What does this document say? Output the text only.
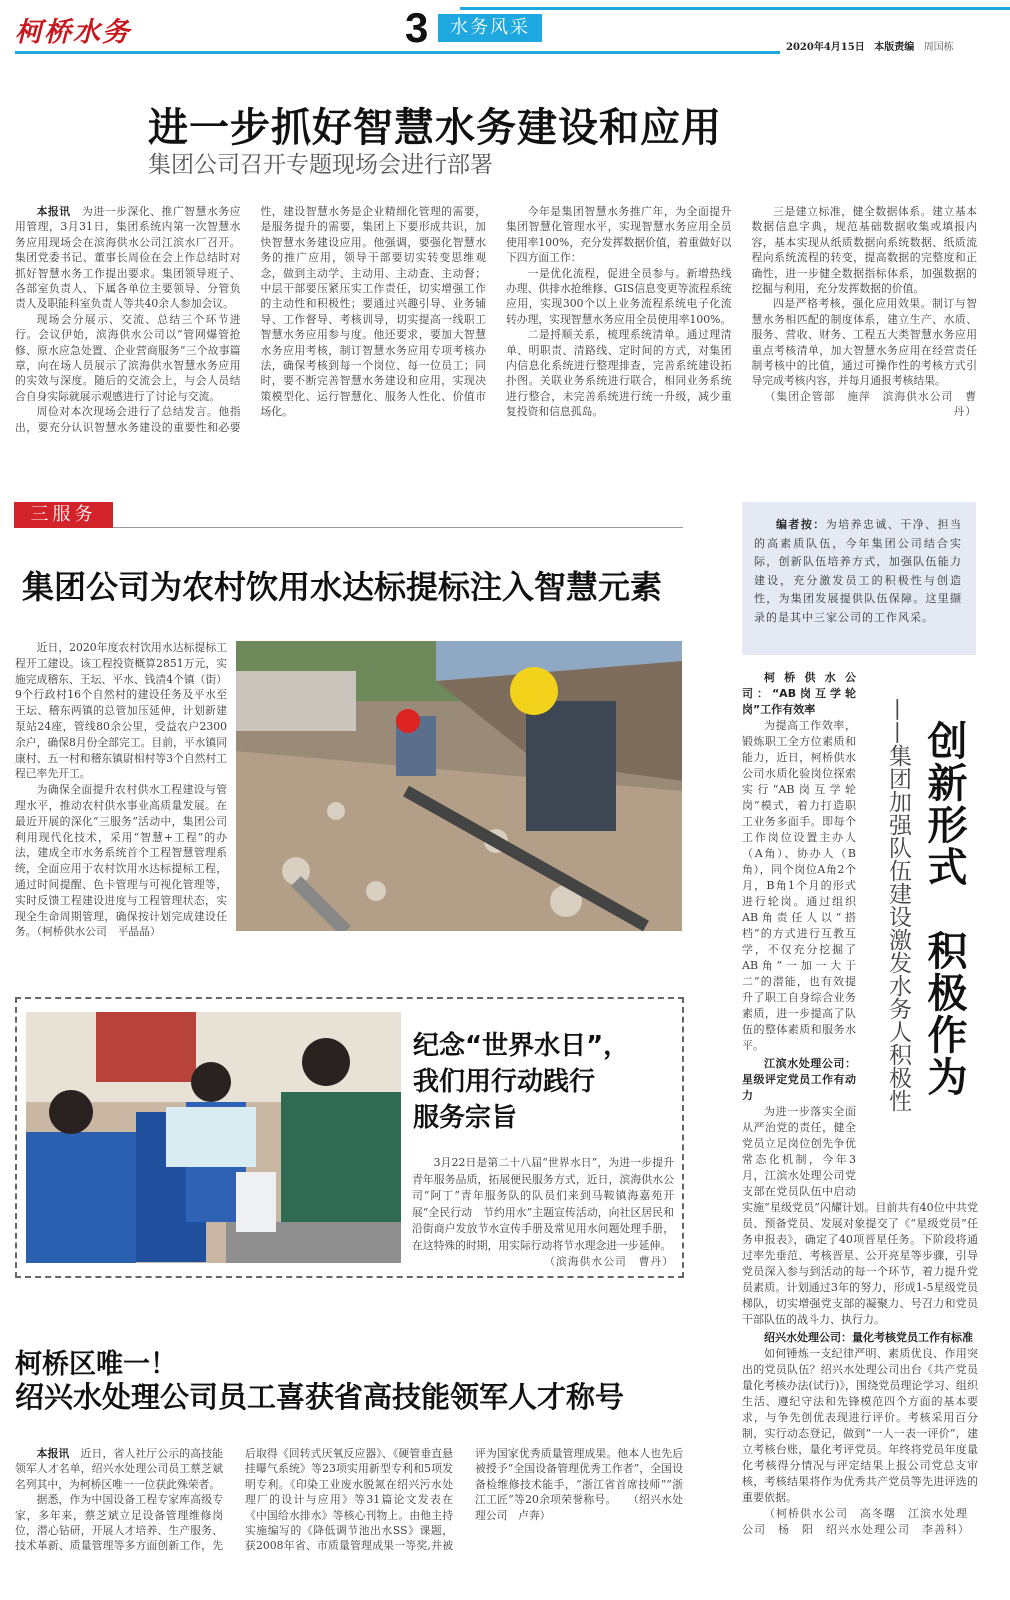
柯桥水务	3	水务风采
2020年4月15日 本版责编 周国栋
进一步抓好智慧水务建设和应用
集团公司召开专题现场会进行部署

本报讯　 为进一步深化、推广智慧水务应用管理，3月31日，集团系统内第一次智慧水务应用现场会在滨海供水公司江滨水厂召开。集团党委书记、董事长周俭在会上作总结时对抓好智慧水务工作提出要求。集团领导班子、各部室负责人、下属各单位主要领导、分管负责人及职能科室负责人等共40余人参加会议。

现场会分展示、交流、总结三个环节进行。会议伊始，滨海供水公司以“管网爆管抢修、原水应急处置、企业营商服务”三个故事篇章，向在场人员展示了滨海供水智慧水务应用的实效与深度。随后的交流会上，与会人员结合自身实际就展示观感进行了讨论与交流。

周俭对本次现场会进行了总结发言。他指出，要充分认识智慧水务建设的重要性和必要性，建设智慧水务是企业精细化管理的需要，是服务提升的需要，集团上下要形成共识，加快智慧水务建设应用。他强调，要强化智慧水务的推广应用，领导干部要切实转变思维观念，做到主动学、主动用、主动查、主动督；中层干部要压紧压实工作责任，切实增强工作的主动性和积极性；要通过兴趣引导、业务辅导、工作督导、考核训导，切实提高一线职工智慧水务应用参与度。他还要求，要加大智慧水务应用考核，制订智慧水务应用专项考核办法，确保考核到每一个岗位、每一位员工；同时，要不断完善智慧水务建设和应用，实现决策模型化、运行智慧化、服务人性化、价值市场化。

今年是集团智慧水务推广年，为全面提升集团智慧化管理水平，实现智慧水务应用全员使用率100%，充分发挥数据价值，着重做好以下四方面工作：

一是优化流程，促进全员参与。新增热线办理、供排水抢维修、GIS信息变更等流程系统应用，实现300个以上业务流程系统电子化流转办理，实现智慧水务应用全员使用率100%。

二是捋顺关系，梳理系统清单。通过理清单、明职责、清路线、定时间的方式，对集团内信息化系统进行整理排查，完善系统建设拓扑图。关联业务系统进行联合，相同业务系统进行整合，未完善系统进行统一升级，减少重复投资和信息孤岛。

三是建立标准，健全数据体系。建立基本数据信息字典，规范基础数据收集或填报内容，基本实现从纸质数据向系统数据、纸质流程向系统流程的转变，提高数据的完整度和正确性，进一步健全数据指标体系，加强数据的挖掘与利用，充分发挥数据的价值。

四是严格考核，强化应用效果。制订与智慧水务相匹配的制度体系，建立生产、水质、服务、营收、财务、工程五大类智慧水务应用重点考核清单，加大智慧水务应用在经营责任制考核中的比值，通过可操作性的考核方式引导完成考核内容，并每月通报考核结果。

（集团企管部　施萍　滨海供水公司　曹丹）

三服务
集团公司为农村饮用水达标提标注入智慧元素

近日，2020年度农村饮用水达标提标工程开工建设。该工程投资概算2851万元，实施完成稽东、王坛、平水、钱清4个镇（街）9个行政村16个自然村的建设任务及平水至王坛、稽东两镇的总管加压延伸，计划新建泵站24座，管线80余公里，受益农户2300余户，确保8月份全部完工。目前，平水镇同康村、五一村和稽东镇尉相村等3个自然村工程已率先开工。

为确保全面提升农村供水工程建设与管理水平，推动农村供水事业高质量发展。在最近开展的深化“三服务”活动中，集团公司利用现代化技术，采用“智慧+工程”的办法，建成全市水务系统首个工程智慧管理系统，全面应用于农村饮用水达标提标工程，通过时间提醒、色卡管理与可视化管理等，实时反馈工程建设进度与工程管理状态，实现全生命周期管理，确保按计划完成建设任务。（柯桥供水公司　平晶晶）

编者按：为培养忠诚、干净、担当的高素质队伍，今年集团公司结合实际，创新队伍培养方式，加强队伍能力建设，充分激发员工的积极性与创造性，为集团发展提供队伍保障。这里撷录的是其中三家公司的工作风采。

创新形式　积极作为
——集团加强队伍建设激发水务人积极性

柯桥供水公司：“AB岗互学轮岗”工作有效率

为提高工作效率，锻炼职工全方位素质和能力，近日，柯桥供水公司水质化验岗位探索实行“AB岗互学轮岗”模式，着力打造职工业务多面手。即每个工作岗位设置主办人（A角）、协办人（B角），同个岗位A角2个月，B角1个月的形式进行轮岗。通过组织AB角责任人以“搭档”的方式进行互教互学，不仅充分挖掘了AB角“一加一大于二”的潜能，也有效提升了职工自身综合业务素质，进一步提高了队伍的整体素质和服务水平。

江滨水处理公司：星级评定党员工作有动力

为进一步落实全面从严治党的责任，健全党员立足岗位创先争优常态化机制，今年3月，江滨水处理公司党支部在党员队伍中启动实施“星级党员”闪耀计划。目前共有40位中共党员、预备党员、发展对象提交了《“星级党员”任务申报表》，确定了40项晋星任务。下阶段将通过率先垂范、考核晋星、公开亮星等步骤，引导党员深入参与到活动的每一个环节，着力提升党员素质。计划通过3年的努力，形成1-5星级党员梯队，切实增强党支部的凝聚力、号召力和党员干部队伍的战斗力、执行力。

绍兴水处理公司：量化考核党员工作有标准

如何锤炼一支纪律严明、素质优良、作用突出的党员队伍？绍兴水处理公司出台《共产党员量化考核办法(试行)》，围绕党员理论学习、组织生活、遵纪守法和先锋模范四个方面的基本要求，与争先创优表现进行评价。考核采用百分制，实行动态登记，做到“一人一表一评价”，建立考核台账，量化考评党员。年终将党员年度量化考核得分情况与评定结果上报公司党总支审核，考核结果将作为优秀共产党员等先进评选的重要依据。

（柯桥供水公司　高冬曙　江滨水处理公司　杨　阳　绍兴水处理公司　李善科）

纪念“世界水日”，
我们用行动践行
服务宗旨

3月22日是第二十八届“世界水日”，为进一步提升青年服务品质，拓展便民服务方式，近日，滨海供水公司“阿丁”青年服务队的队员们来到马鞍镇海嘉苑开展“全民行动　节约用水”主题宣传活动，向社区居民和沿街商户发放节水宣传手册及常见用水问题处理手册，在这特殊的时期，用实际行动将节水理念进一步延伸。

（滨海供水公司　曹丹）

柯桥区唯一！
绍兴水处理公司员工喜获省高技能领军人才称号

本报讯　 近日，省人社厅公示的高技能领军人才名单，绍兴水处理公司员工蔡芝斌名列其中，为柯桥区唯一一位获此殊荣者。

据悉，作为中国设备工程专家库高级专家，多年来，蔡芝斌立足设备管理维修岗位，潜心钻研，开展人才培养、生产服务、技术革新、质量管理等多方面创新工作，先后取得《回转式厌氧反应器》、《硬管垂直悬挂曝气系统》等23项实用新型专利和5项发明专利。《印染工业废水脱氮在绍兴污水处理厂的设计与应用》等31篇论文发表在《中国给水排水》等核心刊物上。由他主持实施编写的《降低调节池出水SS》课题，获2008年省、市质量管理成果一等奖,并被评为国家优秀质量管理成果。他本人也先后被授予“全国设备管理优秀工作者”，全国设备检维修技术能手，“浙江省首席技师”“浙江工匠”等20余项荣誉称号。　　 （绍兴水处理公司　卢奔）
